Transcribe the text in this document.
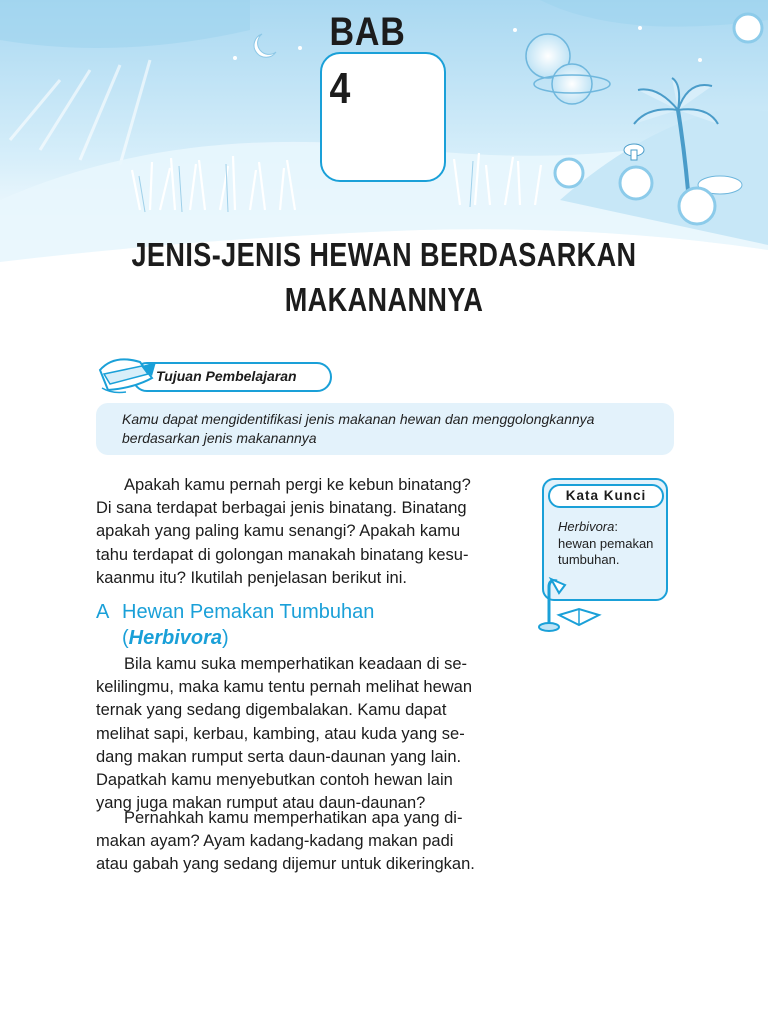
BAB
4
JENIS-JENIS HEWAN BERDASARKAN
MAKANANNYA
Tujuan Pembelajaran
Kamu dapat mengidentifikasi jenis makanan hewan dan menggolongkannya
berdasarkan jenis makanannya
Apakah kamu pernah pergi ke kebun binatang?
Di sana terdapat berbagai jenis binatang. Binatang
apakah yang paling kamu senangi? Apakah kamu
tahu terdapat di golongan manakah binatang kesu-
kaanmu itu? Ikutilah penjelasan berikut ini.
A Hewan Pemakan Tumbuhan
(Herbivora)
Bila kamu suka memperhatikan keadaan di se-
kelilingmu, maka kamu tentu pernah melihat hewan
ternak yang sedang digembalakan. Kamu dapat
melihat sapi, kerbau, kambing, atau kuda yang se-
dang makan rumput serta daun-daunan yang lain.
Dapatkah kamu menyebutkan contoh hewan lain
yang juga makan rumput atau daun-daunan?
Pernahkah kamu memperhatikan apa yang di-
makan ayam? Ayam kadang-kadang makan padi
atau gabah yang sedang dijemur untuk dikeringkan.
Kata Kunci
Herbivora:
hewan pemakan
tumbuhan.
